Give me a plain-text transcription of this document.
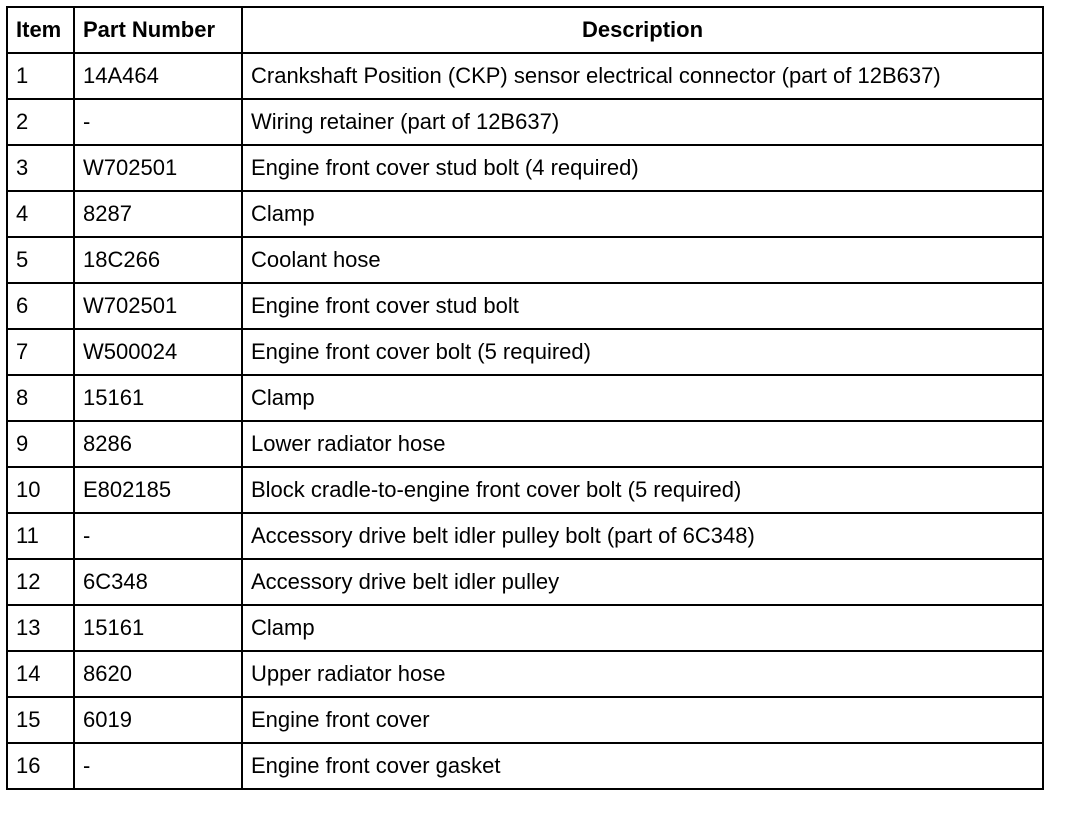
Item	Part Number	Description
1	14A464	Crankshaft Position (CKP) sensor electrical connector (part of 12B637)
2	-	Wiring retainer (part of 12B637)
3	W702501	Engine front cover stud bolt (4 required)
4	8287	Clamp
5	18C266	Coolant hose
6	W702501	Engine front cover stud bolt
7	W500024	Engine front cover bolt (5 required)
8	15161	Clamp
9	8286	Lower radiator hose
10	E802185	Block cradle-to-engine front cover bolt (5 required)
11	-	Accessory drive belt idler pulley bolt (part of 6C348)
12	6C348	Accessory drive belt idler pulley
13	15161	Clamp
14	8620	Upper radiator hose
15	6019	Engine front cover
16	-	Engine front cover gasket
